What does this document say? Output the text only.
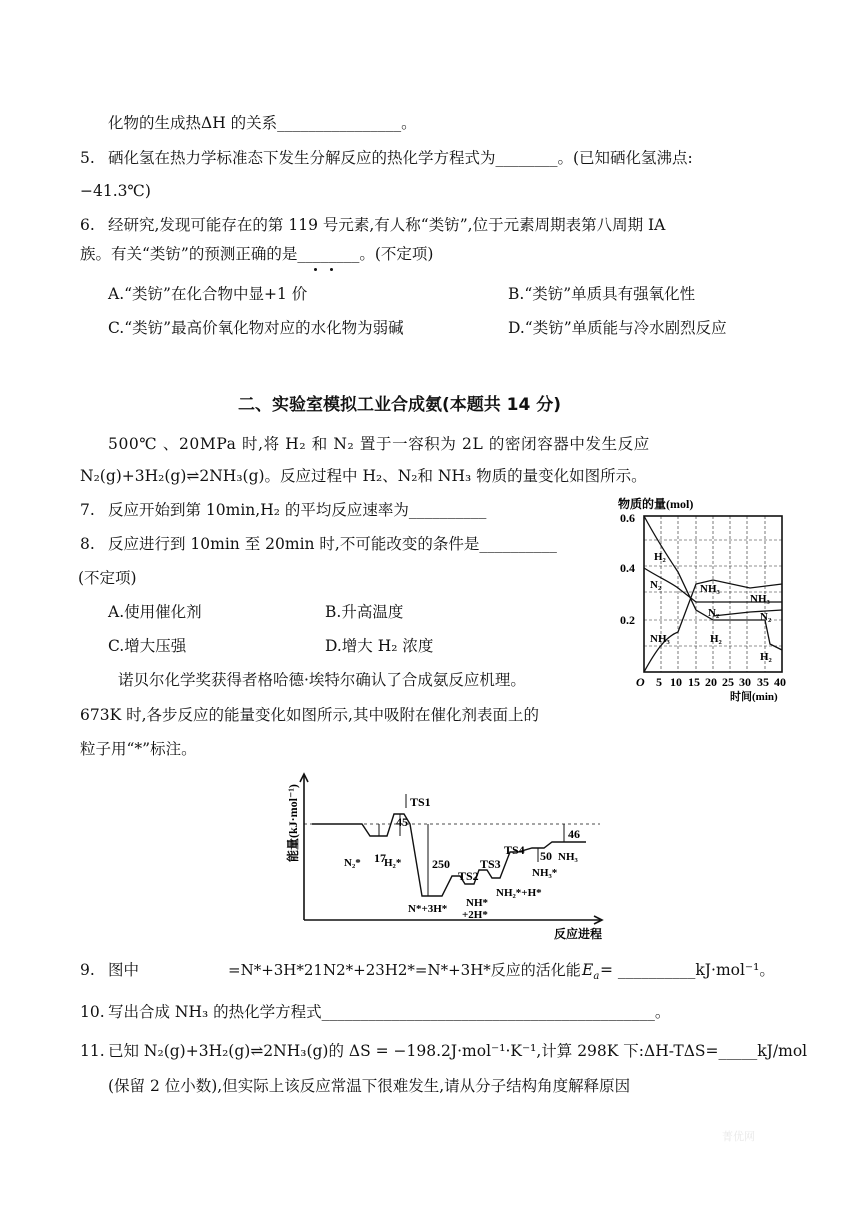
化物的生成热ΔH 的关系________________。
5. 硒化氢在热力学标准态下发生分解反应的热化学方程式为________。(已知硒化氢沸点:
−41.3℃)
6. 经研究,发现可能存在的第 119 号元素,有人称“类钫”,位于元素周期表第八周期 IA
族。有关“类钫”的预测正确的是________。(不定项)
A.“类钫”在化合物中显+1 价	B.“类钫”单质具有强氧化性
C.“类钫”最高价氧化物对应的水化物为弱碱	D.“类钫”单质能与冷水剧烈反应
二、实验室模拟工业合成氨(本题共 14 分)
500℃ 、20MPa 时,将 H₂ 和 N₂ 置于一容积为 2L 的密闭容器中发生反应
N₂(g)+3H₂(g)⇌2NH₃(g)。反应过程中 H₂、N₂和 NH₃ 物质的量变化如图所示。
7. 反应开始到第 10min,H₂ 的平均反应速率为__________
8. 反应进行到 10min 至 20min 时,不可能改变的条件是__________
(不定项)
A.使用催化剂	B.升高温度
C.增大压强	D.增大 H₂ 浓度
诺贝尔化学奖获得者格哈德·埃特尔确认了合成氨反应机理。
673K 时,各步反应的能量变化如图所示,其中吸附在催化剂表面上的
粒子用“*”标注。
物质的量(mol)
H₂
N₂	NH₃
NH₃
N₂
NH₃	H₂
N₂
H₂
0.6
0.4
0.2
O 5 10 15 20 25 30 35 40
时间(min)
能量(kJ·mol⁻¹)	TS1
TS2
TS3
TS4
17
45
250
46
50
N₂* H₂*
NH*
+2H*
NH₂*+H*
NH₃
NH₃*
N*+3H*
反应进程
9. 图中	=N*+3H*21N2*+23H2*=N*+3H*反应的活化能 $E_a$ = __________kJ·mol⁻¹。
10. 写出合成 NH₃ 的热化学方程式___________________________________________。
11. 已知 N₂(g)+3H₂(g)⇌2NH₃(g)的 ΔS = −198.2J·mol⁻¹·K⁻¹,计算 298K 下:ΔH-TΔS=_____kJ/mol
(保留 2 位小数),但实际上该反应常温下很难发生,请从分子结构角度解释原因
菁优网
